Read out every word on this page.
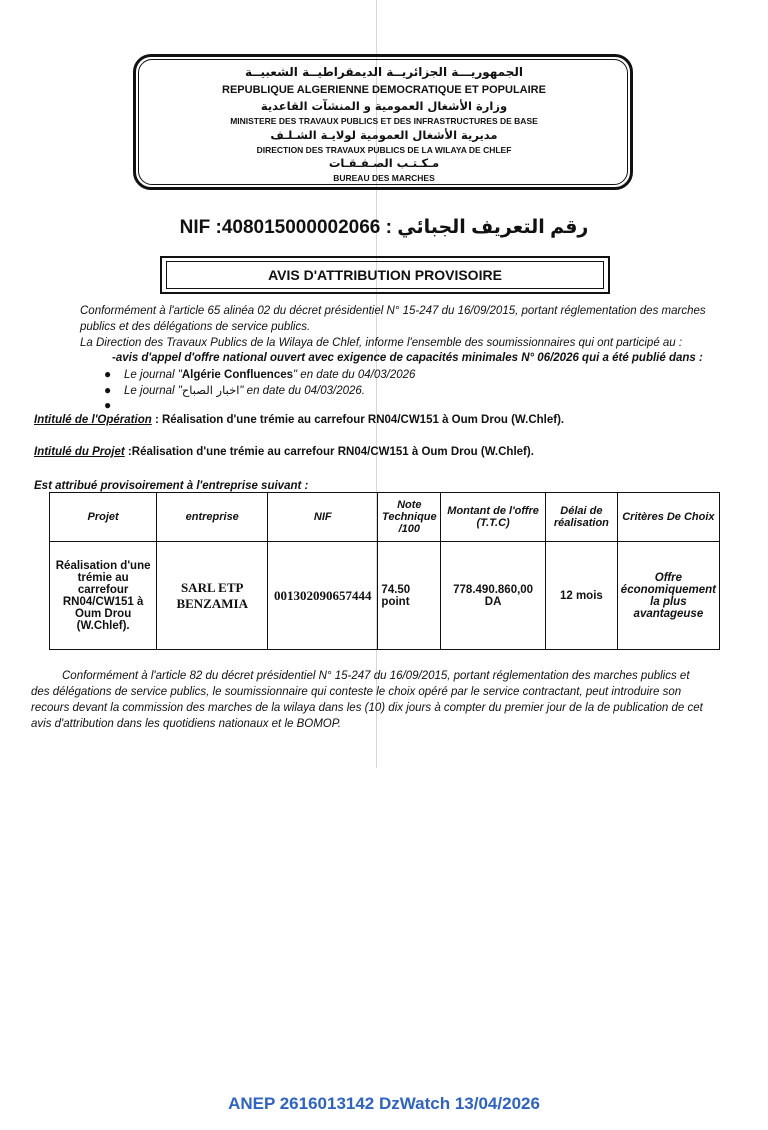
الجمهوريـــة الجزائريــة الديمقراطيــة الشعبيــة
REPUBLIQUE ALGERIENNE DEMOCRATIQUE ET POPULAIRE
وزارة الأشغال العمومية و المنشآت القاعدية
MINISTERE DES TRAVAUX PUBLICS ET DES INFRASTRUCTURES DE BASE
مديرية الأشغال العمومية لولايـة الشـلـف
DIRECTION DES TRAVAUX PUBLICS DE LA WILAYA DE CHLEF
مـكـتـب الصـفـقـات
BUREAU DES MARCHES
NIF :408015000002066 : رقم التعريف الجبائي
AVIS D'ATTRIBUTION PROVISOIRE
Conformément à l'article 65 alinéa 02 du décret présidentiel N° 15-247 du 16/09/2015, portant réglementation des marches
publics et des délégations de service publics.
La Direction des Travaux Publics de la Wilaya de Chlef, informe l'ensemble des soumissionnaires qui ont participé au :
-avis d'appel d'offre national ouvert avec exigence de capacités minimales N° 06/2026 qui a été publié dans :
● Le journal "Algérie Confluences" en date du 04/03/2026
● Le journal "اخبار الصباح" en date du 04/03/2026.
●
Intitulé de l'Opération : Réalisation d'une trémie au carrefour RN04/CW151 à Oum Drou (W.Chlef).
Intitulé du Projet :Réalisation d'une trémie au carrefour RN04/CW151 à Oum Drou (W.Chlef).
Est attribué provisoirement à l'entreprise suivant :
Projet	entreprise	NIF	Note Technique /100	Montant de l'offre (T.T.C)	Délai de réalisation	Critères De Choix
Réalisation d'une trémie au carrefour RN04/CW151 à Oum Drou (W.Chlef).	SARL ETP BENZAMIA	001302090657444	74.50 point	778.490.860,00 DA	12 mois	Offre économiquement la plus avantageuse
Conformément à l'article 82 du décret présidentiel N° 15-247 du 16/09/2015, portant réglementation des marches publics et
des délégations de service publics, le soumissionnaire qui conteste le choix opéré par le service contractant, peut introduire son
recours devant la commission des marches de la wilaya dans les (10) dix jours à compter du premier jour de la de publication de cet
avis d'attribution dans les quotidiens nationaux et le BOMOP.
ANEP 2616013142 DzWatch 13/04/2026
